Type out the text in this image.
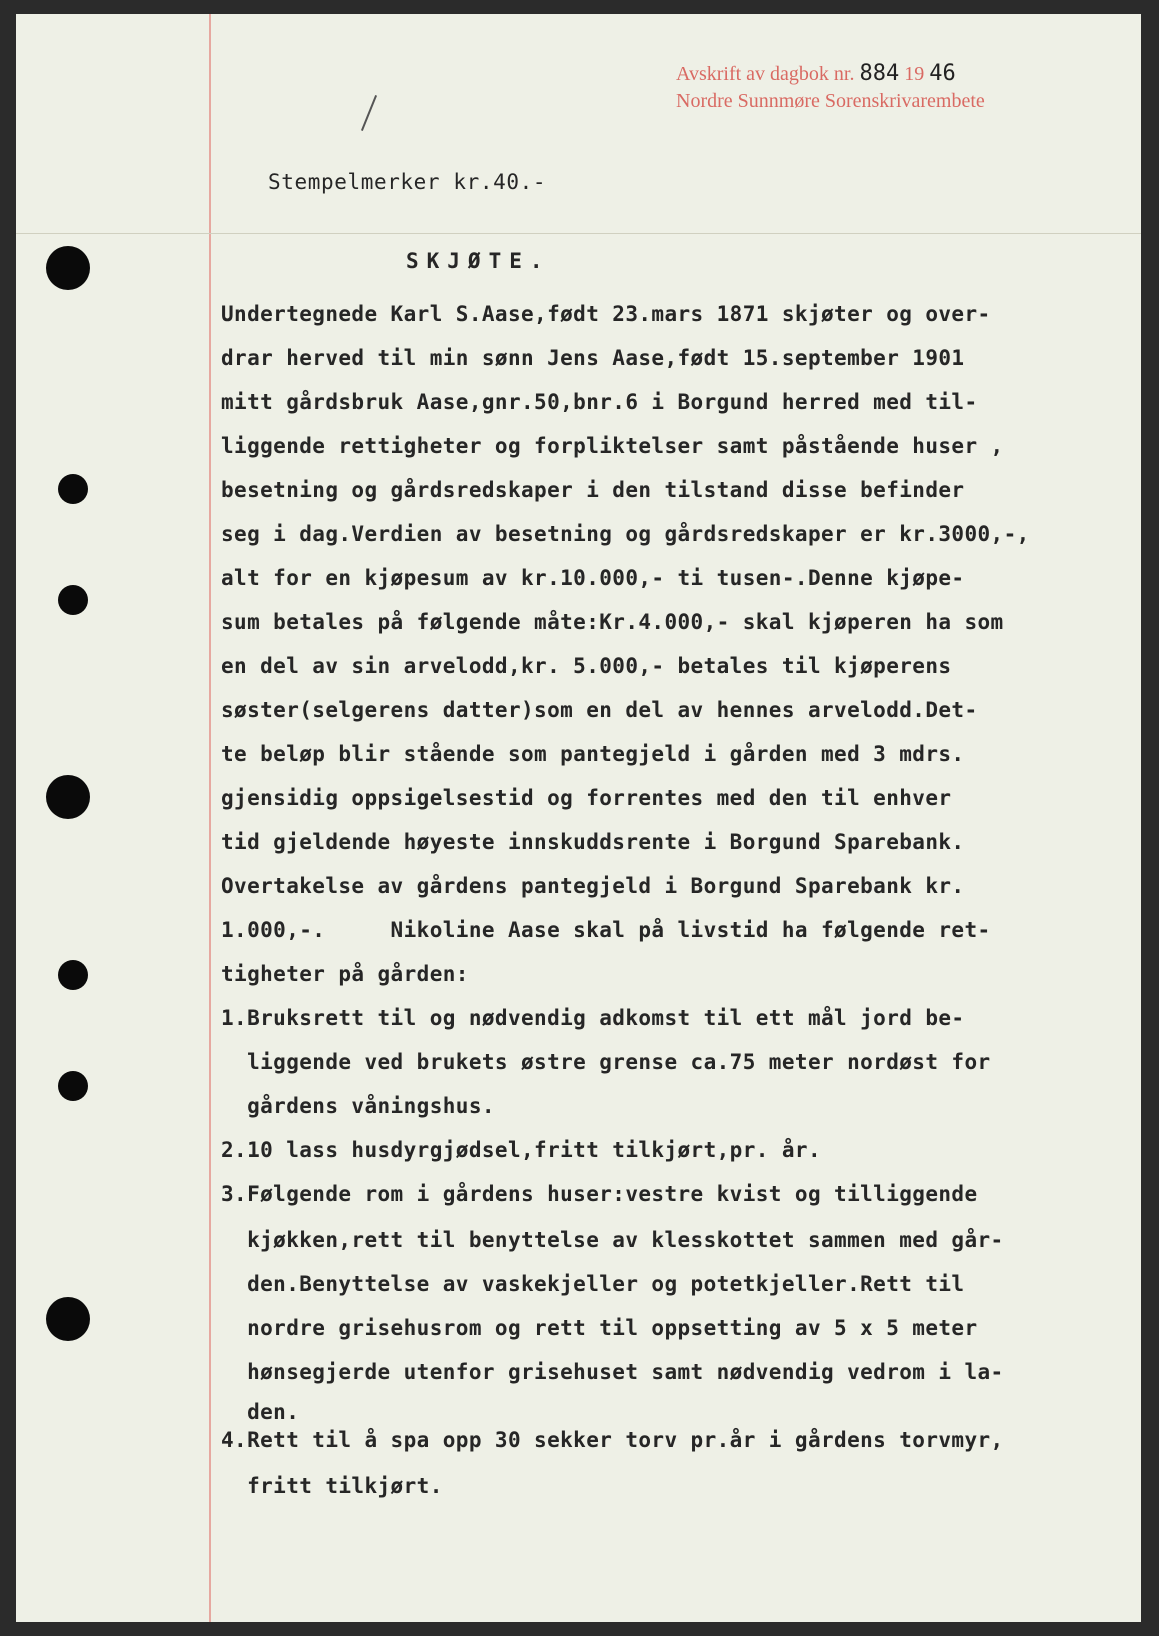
Avskrift av dagbok nr. 884 19 46
Nordre Sunnmøre Sorenskrivarembete
Stempelmerker kr.40.-
SKJØTE.
Undertegnede Karl S.Aase,født 23.mars 1871 skjøter og over-
drar herved til min sønn Jens Aase,født 15.september 1901
mitt gårdsbruk Aase,gnr.50,bnr.6 i Borgund herred med til-
liggende rettigheter og forpliktelser samt påstående huser ,
besetning og gårdsredskaper i den tilstand disse befinder
seg i dag.Verdien av besetning og gårdsredskaper er kr.3000,-,
alt for en kjøpesum av kr.10.000,- ti tusen-.Denne kjøpe-
sum betales på følgende måte:Kr.4.000,- skal kjøperen ha som
en del av sin arvelodd,kr. 5.000,- betales til kjøperens
søster(selgerens datter)som en del av hennes arvelodd.Det-
te beløp blir stående som pantegjeld i gården med 3 mdrs.
gjensidig oppsigelsestid og forrentes med den til enhver
tid gjeldende høyeste innskuddsrente i Borgund Sparebank.
Overtakelse av gårdens pantegjeld i Borgund Sparebank kr.
1.000,-.     Nikoline Aase skal på livstid ha følgende ret-
tigheter på gården:
1.Bruksrett til og nødvendig adkomst til ett mål jord be-
liggende ved brukets østre grense ca.75 meter nordøst for
gårdens våningshus.
2.10 lass husdyrgjødsel,fritt tilkjørt,pr. år.
3.Følgende rom i gårdens huser:vestre kvist og tilliggende
kjøkken,rett til benyttelse av klesskottet sammen med går-
den.Benyttelse av vaskekjeller og potetkjeller.Rett til
nordre grisehusrom og rett til oppsetting av 5 x 5 meter
hønsegjerde utenfor grisehuset samt nødvendig vedrom i la-
den.
4.Rett til å spa opp 30 sekker torv pr.år i gårdens torvmyr,
fritt tilkjørt.
